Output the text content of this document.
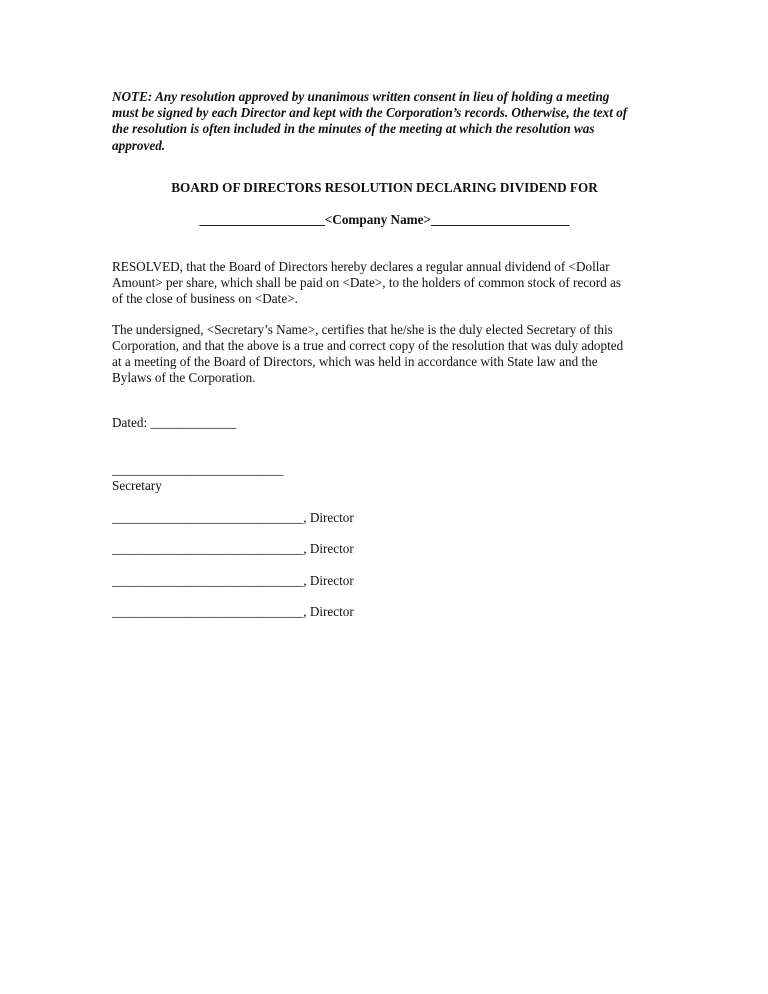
NOTE: Any resolution approved by unanimous written consent in lieu of holding a meeting
must be signed by each Director and kept with the Corporation’s records. Otherwise, the text of
the resolution is often included in the minutes of the meeting at which the resolution was
approved.

BOARD OF DIRECTORS RESOLUTION DECLARING DIVIDEND FOR

___________________<Company Name>_____________________

RESOLVED, that the Board of Directors hereby declares a regular annual dividend of <Dollar
Amount> per share, which shall be paid on <Date>, to the holders of common stock of record as
of the close of business on <Date>.

The undersigned, <Secretary’s Name>, certifies that he/she is the duly elected Secretary of this
Corporation, and that the above is a true and correct copy of the resolution that was duly adopted
at a meeting of the Board of Directors, which was held in accordance with State law and the
Bylaws of the Corporation.

Dated: _____________

__________________________

Secretary

_____________________________, Director

_____________________________, Director

_____________________________, Director

_____________________________, Director
